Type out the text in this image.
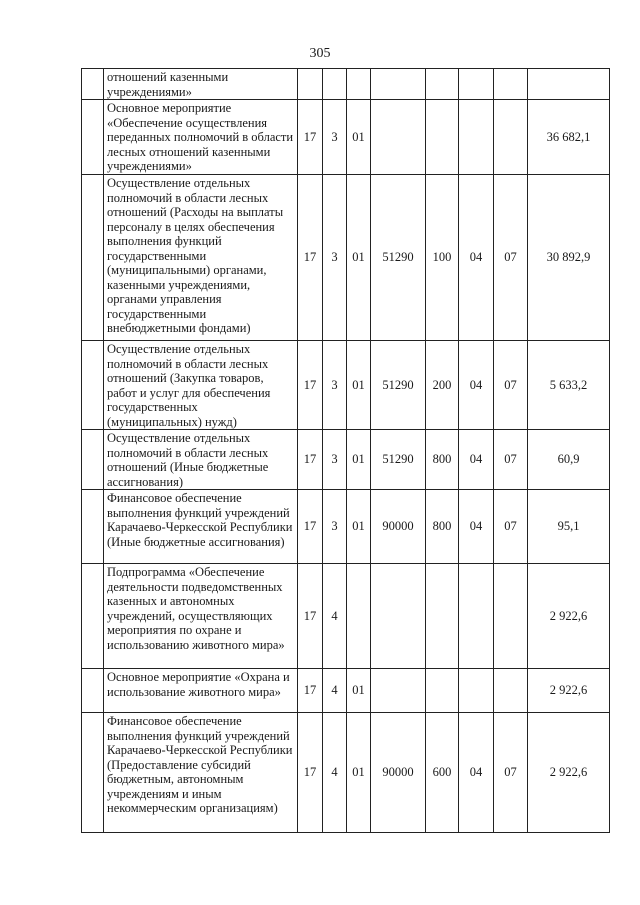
305
	отношений казенными учреждениями»								
	Основное мероприятие «Обеспечение осуществления переданных полномочий в области лесных отношений казенными учреждениями»	17	3	01					36 682,1
	Осуществление отдельных полномочий в области лесных отношений (Расходы на выплаты персоналу в целях обеспечения выполнения функций государственными (муниципальными) органами, казенными учреждениями, органами управления государственными внебюджетными фондами)	17	3	01	51290	100	04	07	30 892,9
	Осуществление отдельных полномочий в области лесных отношений (Закупка товаров, работ и услуг для обеспечения государственных (муниципальных) нужд)	17	3	01	51290	200	04	07	5 633,2
	Осуществление отдельных полномочий в области лесных отношений (Иные бюджетные ассигнования)	17	3	01	51290	800	04	07	60,9
	Финансовое обеспечение выполнения функций учреждений Карачаево-Черкесской Республики (Иные бюджетные ассигнования)	17	3	01	90000	800	04	07	95,1
	Подпрограмма «Обеспечение деятельности подведомственных казенных и автономных учреждений, осуществляющих мероприятия по охране и использованию животного мира»	17	4						2 922,6
	Основное мероприятие «Охрана и использование животного мира»	17	4	01					2 922,6
	Финансовое обеспечение выполнения функций учреждений Карачаево-Черкесской Республики (Предоставление субсидий бюджетным, автономным учреждениям и иным некоммерческим организациям)	17	4	01	90000	600	04	07	2 922,6
